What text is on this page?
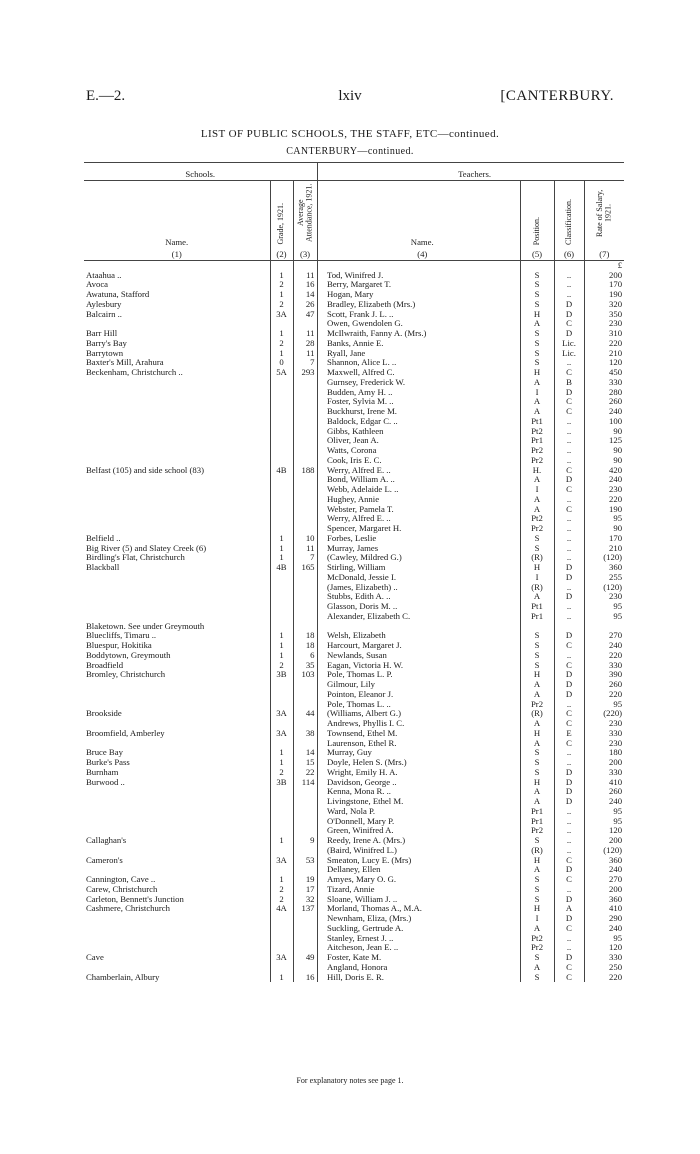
E.—2.	lxiv	[CANTERBURY.
LIST OF PUBLIC SCHOOLS, THE STAFF, ETC—continued.
CANTERBURY—continued.
Schools.				Teachers.			
Name.	Grade, 1921.	Average Attendance, 1921.		Name.	Position.	Classification.	Rate of Salary, 1921.
(1)	(2)	(3)		(4)	(5)	(6)	(7)
							£
Ataahua ..	1	11		Tod, Winifred J.	S	..	200
Avoca	2	16		Berry, Margaret T.	S	..	170
Awatuna, Stafford	1	14		Hogan, Mary	S	..	190
Aylesbury	2	26		Bradley, Elizabeth (Mrs.)	S	D	320
Balcairn ..	3A	47		Scott, Frank J. L. ..	H	D	350
				Owen, Gwendolen G.	A	C	230
Barr Hill	1	11		McIlwraith, Fanny A. (Mrs.)	S	D	310
Barry's Bay	2	28		Banks, Annie E.	S	Lic.	220
Barrytown	1	11		Ryall, Jane	S	Lic.	210
Baxter's Mill, Arahura	0	7		Shannon, Alice L. ..	S	..	120
Beckenham, Christchurch ..	5A	293		Maxwell, Alfred C.	H	C	450
				Gurnsey, Frederick W.	A	B	330
				Budden, Amy H. ..	I	D	280
				Foster, Sylvia M. ..	A	C	260
				Buckhurst, Irene M.	A	C	240
				Baldock, Edgar C. ..	Pt1	..	100
				Gibbs, Kathleen	Pt2	..	90
				Oliver, Jean A.	Pr1	..	125
				Watts, Corona	Pr2	..	90
				Cook, Iris E. C.	Pr2	..	90
Belfast (105) and side school (83)	4B	188		Werry, Alfred E. ..	H.	C	420
				Bond, William A. ..	A	D	240
				Webb, Adelaide L. ..	I	C	230
				Hughey, Annie	A	..	220
				Webster, Pamela T.	A	C	190
				Werry, Alfred E. ..	Pt2	..	95
				Spencer, Margaret H.	Pr2	..	90
Belfield ..	1	10		Forbes, Leslie	S	..	170
Big River (5) and Slatey Creek (6)	1	11		Murray, James	S	..	210
Birdling's Flat, Christchurch	1	7		(Cawley, Mildred G.)	(R)	..	(120)
Blackball	4B	165		Stirling, William	H	D	360
				McDonald, Jessie I.	I	D	255
				(James, Elizabeth) ..	(R)	..	(120)
				Stubbs, Edith A. ..	A	D	230
				Glasson, Doris M. ..	Pt1	..	95
				Alexander, Elizabeth C.	Pr1	..	95
Blaketown. See under Greymouth							
Bluecliffs, Timaru ..	1	18		Welsh, Elizabeth	S	D	270
Bluespur, Hokitika	1	18		Harcourt, Margaret J.	S	C	240
Boddytown, Greymouth	1	6		Newlands, Susan	S	..	220
Broadfield	2	35		Eagan, Victoria H. W.	S	C	330
Bromley, Christchurch	3B	103		Pole, Thomas L. P.	H	D	390
				Gilmour, Lily	A	D	260
				Pointon, Eleanor J.	A	D	220
				Pole, Thomas L. ..	Pr2	..	95
Brookside	3A	44		(Williams, Albert G.)	(R)	C	(220)
				Andrews, Phyllis I. C.	A	C	230
Broomfield, Amberley	3A	38		Townsend, Ethel M.	H	E	330
				Laurenson, Ethel R.	A	C	230
Bruce Bay	1	14		Murray, Guy	S	..	180
Burke's Pass	1	15		Doyle, Helen S. (Mrs.)	S	..	200
Burnham	2	22		Wright, Emily H. A.	S	D	330
Burwood ..	3B	114		Davidson, George ..	H	D	410
				Kenna, Mona R. ..	A	D	260
				Livingstone, Ethel M.	A	D	240
				Ward, Nola P.	Pr1	..	95
				O'Donnell, Mary P.	Pr1	..	95
				Green, Winifred A.	Pr2	..	120
Callaghan's	1	9		Reedy, Irene A. (Mrs.)	S	..	200
				(Baird, Winifred L.)	(R)	..	(120)
Cameron's	3A	53		Smeaton, Lucy E. (Mrs)	H	C	360
				Dellaney, Ellen	A	D	240
Cannington, Cave ..	1	19		Amyes, Mary O. G.	S	C	270
Carew, Christchurch	2	17		Tizard, Annie	S	..	200
Carleton, Bennett's Junction	2	32		Sloane, William J. ..	S	D	360
Cashmere, Christchurch	4A	137		Morland, Thomas A., M.A.	H	A	410
				Newnham, Eliza, (Mrs.)	I	D	290
				Suckling, Gertrude A.	A	C	240
				Stanley, Ernest J. ..	Pt2	..	95
				Aitcheson, Jean E. ..	Pr2	..	120
Cave	3A	49		Foster, Kate M.	S	D	330
				Angland, Honora	A	C	250
Chamberlain, Albury	1	16		Hill, Doris E. R.	S	C	220
For explanatory notes see page 1.
